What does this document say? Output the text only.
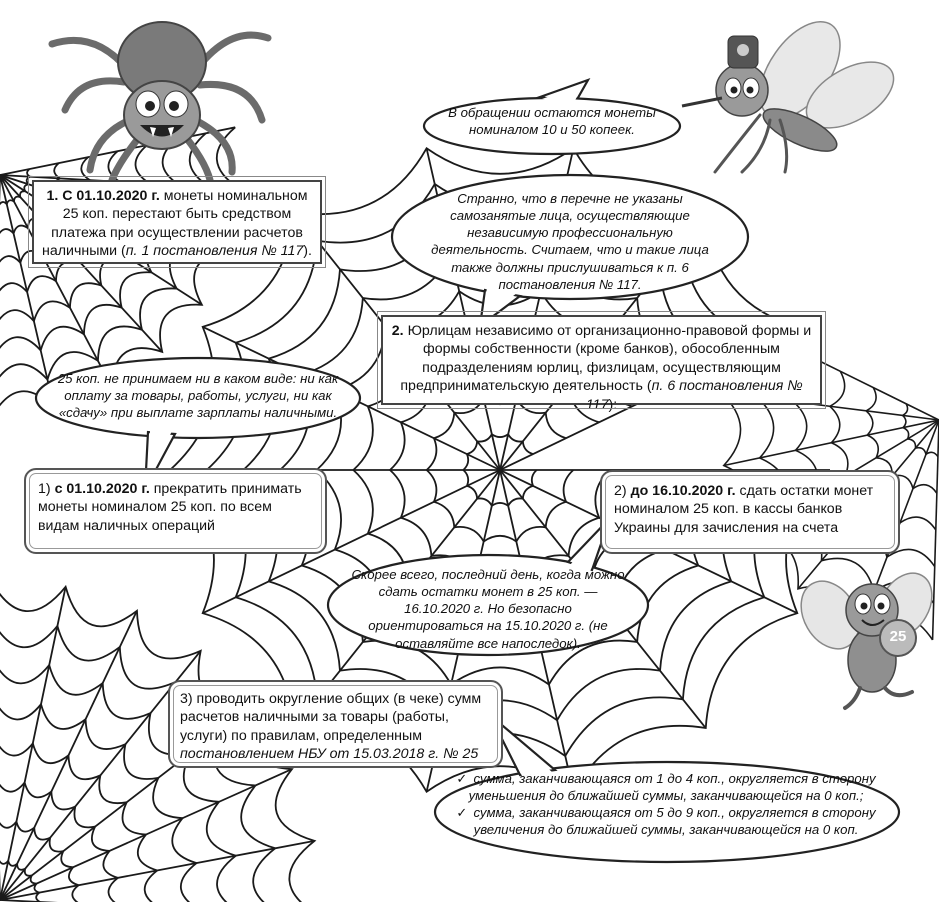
25
1. С 01.10.2020 г. монеты номинальном 25 коп. перестают быть средством платежа при осуществлении расчетов наличными (п. 1 постановления № 117).
В обращении остаются монеты номиналом 10 и 50 копеек.
Странно, что в перечне не указаны самозанятые лица, осуществляющие независимую профессиональную деятельность. Считаем, что и такие лица также должны прислушиваться к п. 6 постановления № 117.
2. Юрлицам независимо от организационно-правовой формы и формы собственности (кроме банков), обособленным подразделениям юрлиц, физлицам, осуществляющим предпринимательскую деятельность (п. 6 постановления № 117):
25 коп. не принимаем ни в каком виде: ни как оплату за товары, работы, услуги, ни как «сдачу» при выплате зарплаты наличными.
1) с 01.10.2020 г. прекратить принимать монеты номиналом 25 коп. по всем видам наличных операций
2) до 16.10.2020 г. сдать остатки монет номиналом 25 коп. в кассы банков Украины для зачисления на счета
Скорее всего, последний день, когда можно сдать остатки монет в 25 коп. — 16.10.2020 г. Но безопасно ориентироваться на 15.10.2020 г. (не оставляйте все напоследок).
3) проводить округление общих (в чеке) сумм расчетов наличными за товары (работы, услуги) по правилам, определенным постановлением НБУ от 15.03.2018 г. № 25
✓ сумма, заканчивающаяся от 1 до 4 коп., округляется в сторону уменьшения до ближайшей суммы, заканчивающейся на 0 коп.;
✓ сумма, заканчивающаяся от 5 до 9 коп., округляется в сторону увеличения до ближайшей суммы, заканчивающейся на 0 коп.
